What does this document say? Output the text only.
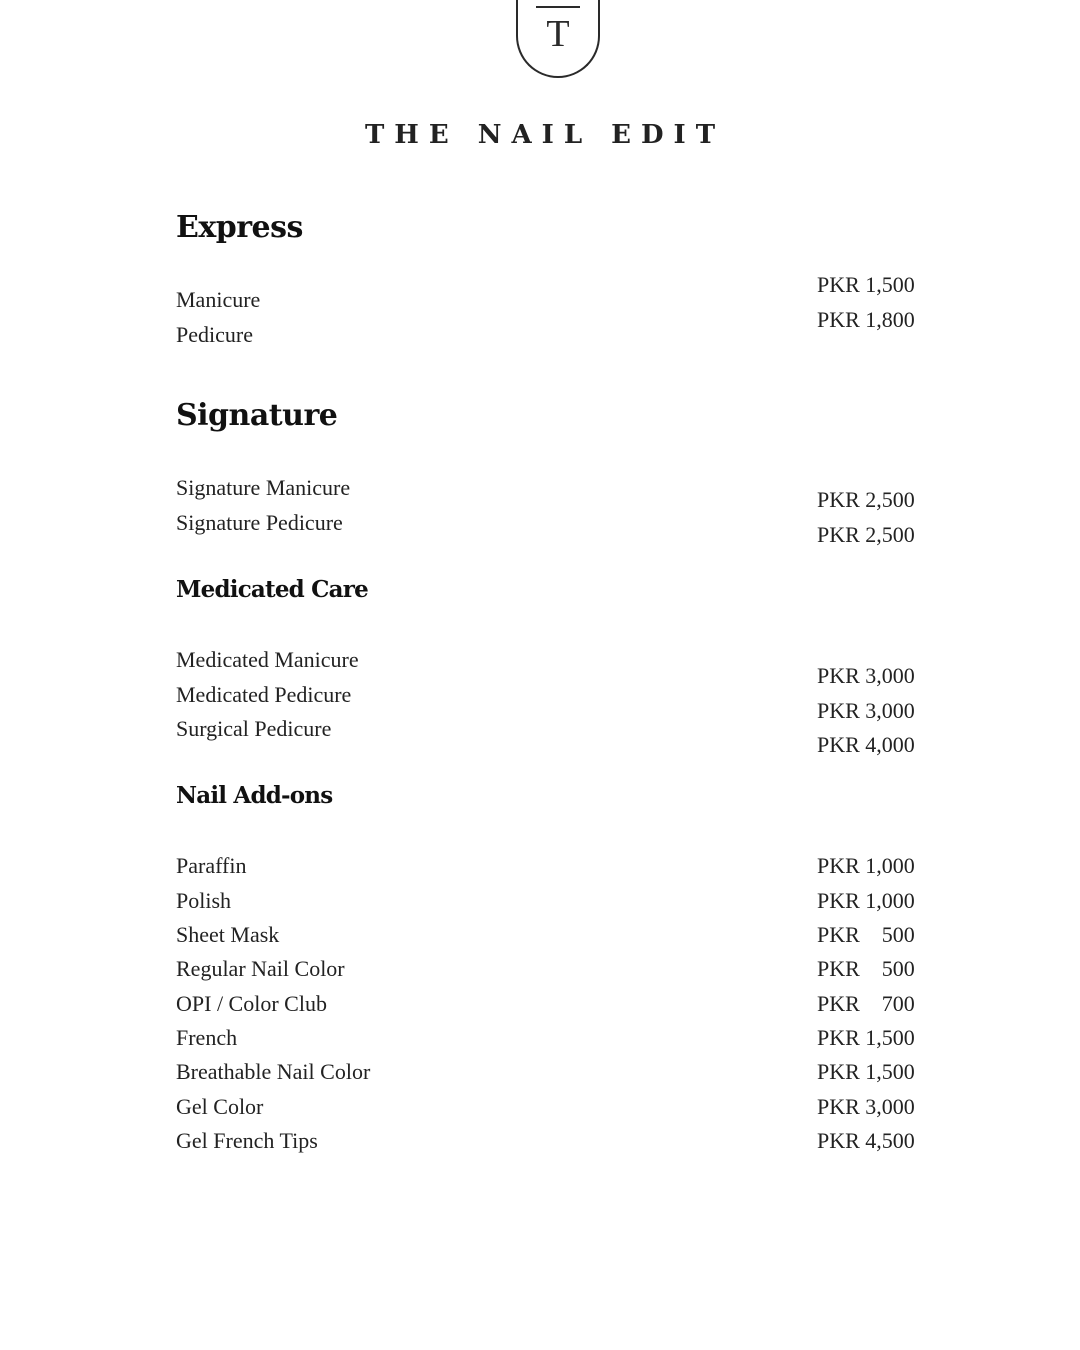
T
THE NAIL EDIT
Express
Manicure
Pedicure
PKR 1,500
PKR 1,800
Signature
Signature Manicure
Signature Pedicure
PKR 2,500
PKR 2,500
Medicated Care
Medicated Manicure
Medicated Pedicure
Surgical Pedicure
PKR 3,000
PKR 3,000
PKR 4,000
Nail Add-ons
Paraffin
Polish
Sheet Mask
Regular Nail Color
OPI / Color Club
French
Breathable Nail Color
Gel Color
Gel French Tips
PKR 1,000
PKR 1,000
PKR    500
PKR    500
PKR    700
PKR 1,500
PKR 1,500
PKR 3,000
PKR 4,500
